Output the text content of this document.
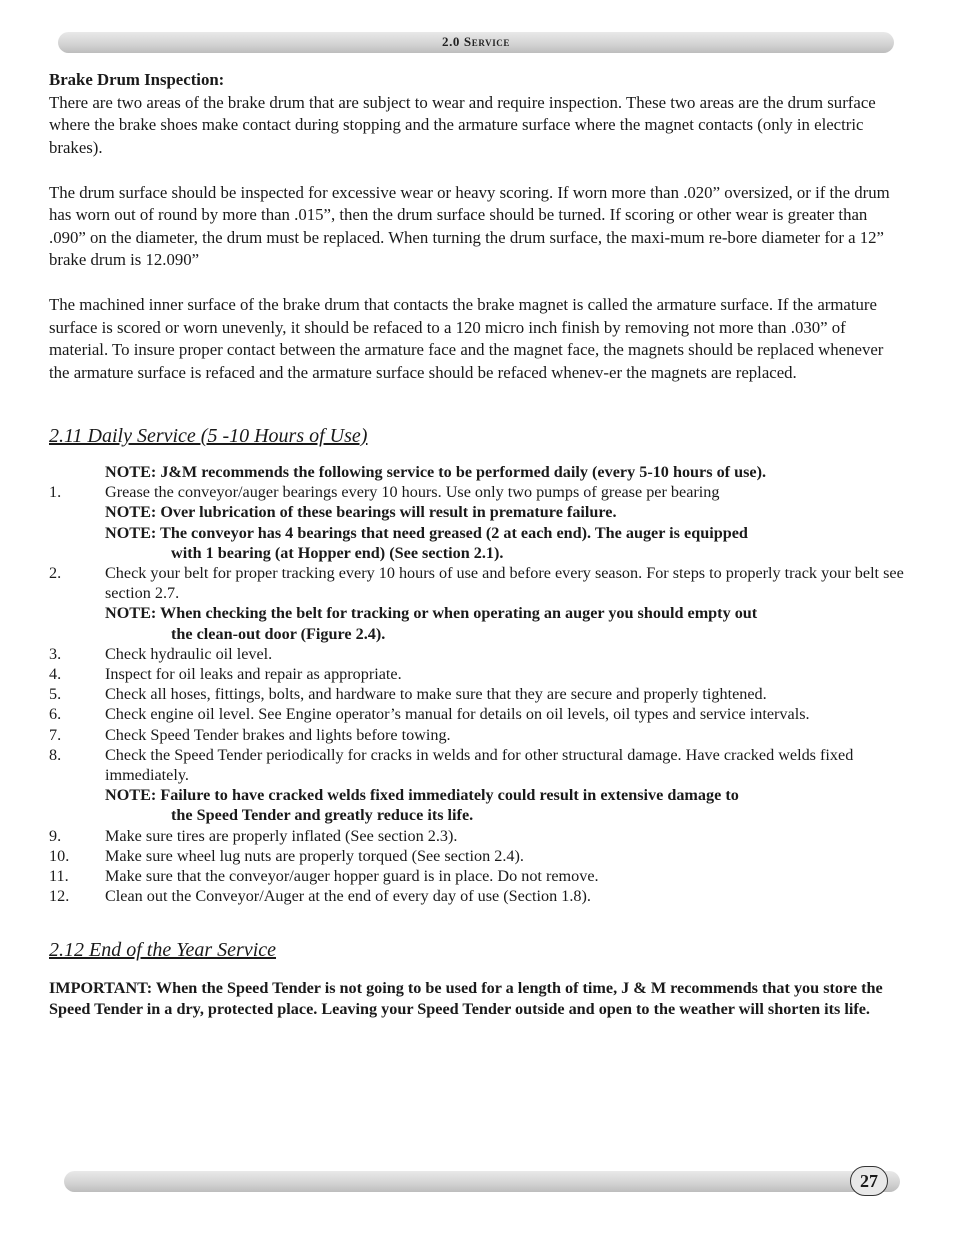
2.0 Service

Brake Drum Inspection:

There are two areas of the brake drum that are subject to wear and require inspection. These two areas are the drum surface where the brake shoes make contact during stopping and the armature surface where the magnet contacts (only in electric brakes).

The drum surface should be inspected for excessive wear or heavy scoring. If worn more than .020” oversized, or if the drum has worn out of round by more than .015”, then the drum surface should be turned. If scoring or other wear is greater than .090” on the diameter, the drum must be replaced. When turning the drum surface, the maxi-mum re-bore diameter for a 12” brake drum is 12.090”

The machined inner surface of the brake drum that contacts the brake magnet is called the armature surface. If the armature surface is scored or worn unevenly, it should be refaced to a 120 micro inch finish by removing not more than .030” of material. To insure proper contact between the armature face and the magnet face, the magnets should be replaced whenever the armature surface is refaced and the armature surface should be refaced whenev-er the magnets are replaced.

2.11 Daily Service (5 -10 Hours of Use)
NOTE: J&M recommends the following service to be performed daily (every 5-10 hours of use).
1.	Grease the conveyor/auger bearings every 10 hours. Use only two pumps of grease per bearing
NOTE: Over lubrication of these bearings will result in premature failure.
NOTE: The conveyor has 4 bearings that need greased (2 at each end). The auger is equipped
with 1 bearing (at Hopper end) (See section 2.1).
2.	Check your belt for proper tracking every 10 hours of use and before every season. For steps to properly track your belt see section 2.7.
NOTE: When checking the belt for tracking or when operating an auger you should empty out
the clean-out door (Figure 2.4).
3.	Check hydraulic oil level.
4.	Inspect for oil leaks and repair as appropriate.
5.	Check all hoses, fittings, bolts, and hardware to make sure that they are secure and properly tightened.
6.	Check engine oil level. See Engine operator’s manual for details on oil levels, oil types and service intervals.
7.	Check Speed Tender brakes and lights before towing.
8.	Check the Speed Tender periodically for cracks in welds and for other structural damage. Have cracked welds fixed immediately.
NOTE: Failure to have cracked welds fixed immediately could result in extensive damage to
the Speed Tender and greatly reduce its life.
9.	Make sure tires are properly inflated (See section 2.3).
10. Make sure wheel lug nuts are properly torqued (See section 2.4).
11. Make sure that the conveyor/auger hopper guard is in place. Do not remove.
12. Clean out the Conveyor/Auger at the end of every day of use (Section 1.8).
2.12 End of the Year Service

IMPORTANT: When the Speed Tender is not going to be used for a length of time, J & M recommends that you store the Speed Tender in a dry, protected place. Leaving your Speed Tender outside and open to the weather will shorten its life.

27
